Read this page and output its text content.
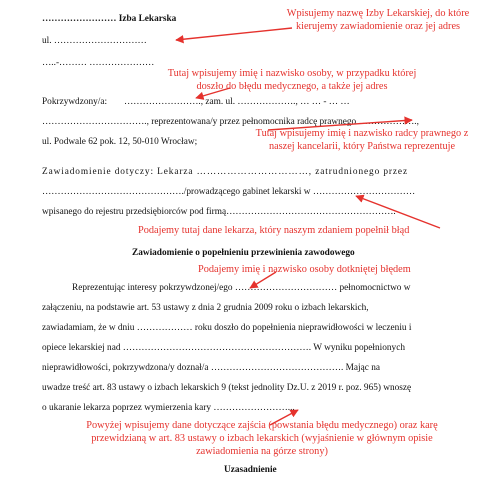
…………………… Izba Lekarska
ul. …………………………
…..-……… …………………
Pokrzywdzony/a: ……………………., zam. ul. ………………., … … - … …
……………………………., reprezentowana/y przez pełnomocnika radcę prawnego ……………….,
ul. Podwale 62 pok. 12, 50-010 Wrocław;
Zawiadomienie dotyczy: Lekarza ……………………………, zatrudnionego przez
………………………………………./prowadzącego gabinet lekarski w ……………………………
wpisanego do rejestru przedsiębiorców pod firmą……………………………………………….
Zawiadomienie o popełnieniu przewinienia zawodowego
Reprezentując interesy pokrzywdzonej/ego …………………………… pełnomocnictwo w
załączeniu, na podstawie art. 53 ustawy z dnia 2 grudnia 2009 roku o izbach lekarskich,
zawiadamiam, że w dniu ……………… roku doszło do popełnienia nieprawidłowości w leczeniu i
opiece lekarskiej nad ……………………………………………………. W wyniku popełnionych
nieprawidłowości, pokrzywdzona/y doznał/a ……………………………………. Mając na
uwadze treść art. 83 ustawy o izbach lekarskich 9 (tekst jednolity Dz.U. z 2019 r. poz. 965) wnoszę
o ukaranie lekarza poprzez wymierzenia kary ……………………...
Uzasadnienie
Wpisujemy nazwę Izby Lekarskiej, do które
kierujemy zawiadomienie oraz jej adres
Tutaj wpisujemy imię i nazwisko osoby, w przypadku której
doszło do błędu medycznego, a także jej adres
Tutaj wpisujemy imię i nazwisko radcy prawnego z
naszej kancelarii, który Państwa reprezentuje
Podajemy tutaj dane lekarza, który naszym zdaniem popełnił błąd
Podajemy imię i nazwisko osoby dotkniętej błędem
Powyżej wpisujemy dane dotyczące zajścia (powstania błędu medycznego) oraz karę
przewidzianą w art. 83 ustawy o izbach lekarskich (wyjaśnienie w głównym opisie
zawiadomienia na górze strony)
